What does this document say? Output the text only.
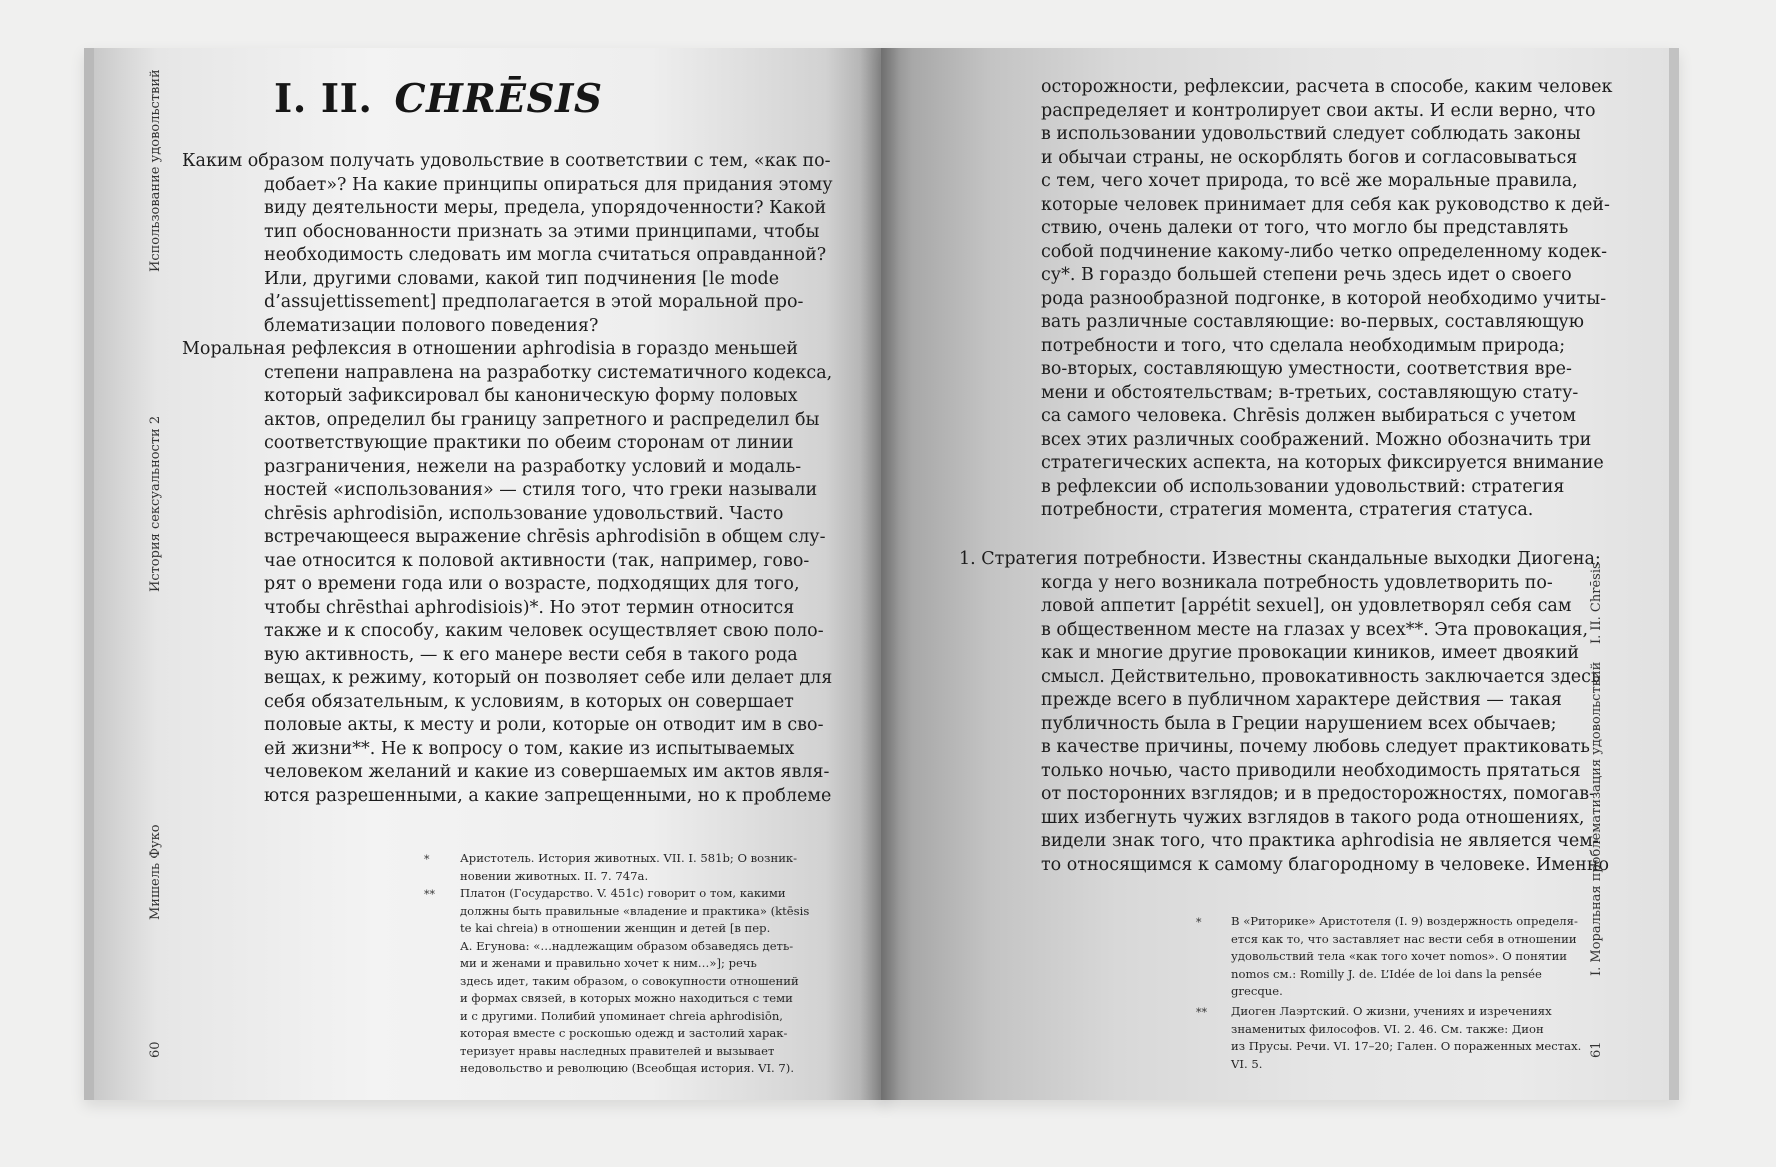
Использование удовольствий
История сексуальности 2
Мишель Фуко
60
I. II. CHRĒSIS
Каким образом получать удовольствие в соответствии с тем, «как по-
добает»? На какие принципы опираться для придания этому
виду деятельности меры, предела, упорядоченности? Какой
тип обоснованности признать за этими принципами, чтобы
необходимость следовать им могла считаться оправданной?
Или, другими словами, какой тип подчинения [le mode
d’assujettissement] предполагается в этой моральной про-
блематизации полового поведения?
Моральная рефлексия в отношении aphrodisia в гораздо меньшей
степени направлена на разработку систематичного кодекса,
который зафиксировал бы каноническую форму половых
актов, определил бы границу запретного и распределил бы
соответствующие практики по обеим сторонам от линии
разграничения, нежели на разработку условий и модаль-
ностей «использования» — стиля того, что греки называли
chrēsis aphrodisiōn, использование удовольствий. Часто
встречающееся выражение chrēsis aphrodisiōn в общем слу-
чае относится к половой активности (так, например, гово-
рят о времени года или о возрасте, подходящих для того,
чтобы chrēsthai aphrodisiois)*. Но этот термин относится
также и к способу, каким человек осуществляет свою поло-
вую активность, — к его манере вести себя в такого рода
вещах, к режиму, который он позволяет себе или делает для
себя обязательным, к условиям, в которых он совершает
половые акты, к месту и роли, которые он отводит им в сво-
ей жизни**. Не к вопросу о том, какие из испытываемых
человеком желаний и какие из совершаемых им актов явля-
ются разрешенными, а какие запрещенными, но к проблеме
*	Аристотель. История животных. VII. I. 581b; О возник-
новении животных. II. 7. 747a.
** Платон (Государство. V. 451c) говорит о том, какими
должны быть правильные «владение и практика» (ktēsis
te kai chreia) в отношении женщин и детей [в пер.
А. Егунова: «…надлежащим образом обзаведясь деть-
ми и женами и правильно хочет к ним…»]; речь
здесь идет, таким образом, о совокупности отношений
и формах связей, в которых можно находиться с теми
и с другими. Полибий упоминает chreia aphrodisiōn,
которая вместе с роскошью одежд и застолий харак-
теризует нравы наследных правителей и вызывает
недовольство и революцию (Всеобщая история. VI. 7).
осторожности, рефлексии, расчета в способе, каким человек
распределяет и контролирует свои акты. И если верно, что
в использовании удовольствий следует соблюдать законы
и обычаи страны, не оскорблять богов и согласовываться
с тем, чего хочет природа, то всё же моральные правила,
которые человек принимает для себя как руководство к дей-
ствию, очень далеки от того, что могло бы представлять
собой подчинение какому-либо четко определенному кодек-
су*. В гораздо большей степени речь здесь идет о своего
рода разнообразной подгонке, в которой необходимо учиты-
вать различные составляющие: во-первых, составляющую
потребности и того, что сделала необходимым природа;
во-вторых, составляющую уместности, соответствия вре-
мени и обстоятельствам; в-третьих, составляющую стату-
са самого человека. Chrēsis должен выбираться с учетом
всех этих различных соображений. Можно обозначить три
стратегических аспекта, на которых фиксируется внимание
в рефлексии об использовании удовольствий: стратегия
потребности, стратегия момента, стратегия статуса.
1. Стратегия потребности. Известны скандальные выходки Диогена;
когда у него возникала потребность удовлетворить по-
ловой аппетит [appétit sexuel], он удовлетворял себя сам
в общественном месте на глазах у всех**. Эта провокация,
как и многие другие провокации киников, имеет двоякий
смысл. Действительно, провокативность заключается здесь
прежде всего в публичном характере действия — такая
публичность была в Греции нарушением всех обычаев;
в качестве причины, почему любовь следует практиковать
только ночью, часто приводили необходимость прятаться
от посторонних взглядов; и в предосторожностях, помогав-
ших избегнуть чужих взглядов в такого рода отношениях,
видели знак того, что практика aphrodisia не является чем-
то относящимся к самому благородному в человеке. Именно
*	В «Риторике» Аристотеля (I. 9) воздержность определя-
ется как то, что заставляет нас вести себя в отношении
удовольствий тела «как того хочет nomos». О понятии
nomos см.: Romilly J. de. L’Idée de loi dans la pensée
grecque.
** Диоген Лаэртский. О жизни, учениях и изречениях
знаменитых философов. VI. 2. 46. См. также: Дион
из Прусы. Речи. VI. 17–20; Гален. О пораженных местах.
VI. 5.
I. II. Chrēsis
I. Моральная проблематизация удовольствий
61
